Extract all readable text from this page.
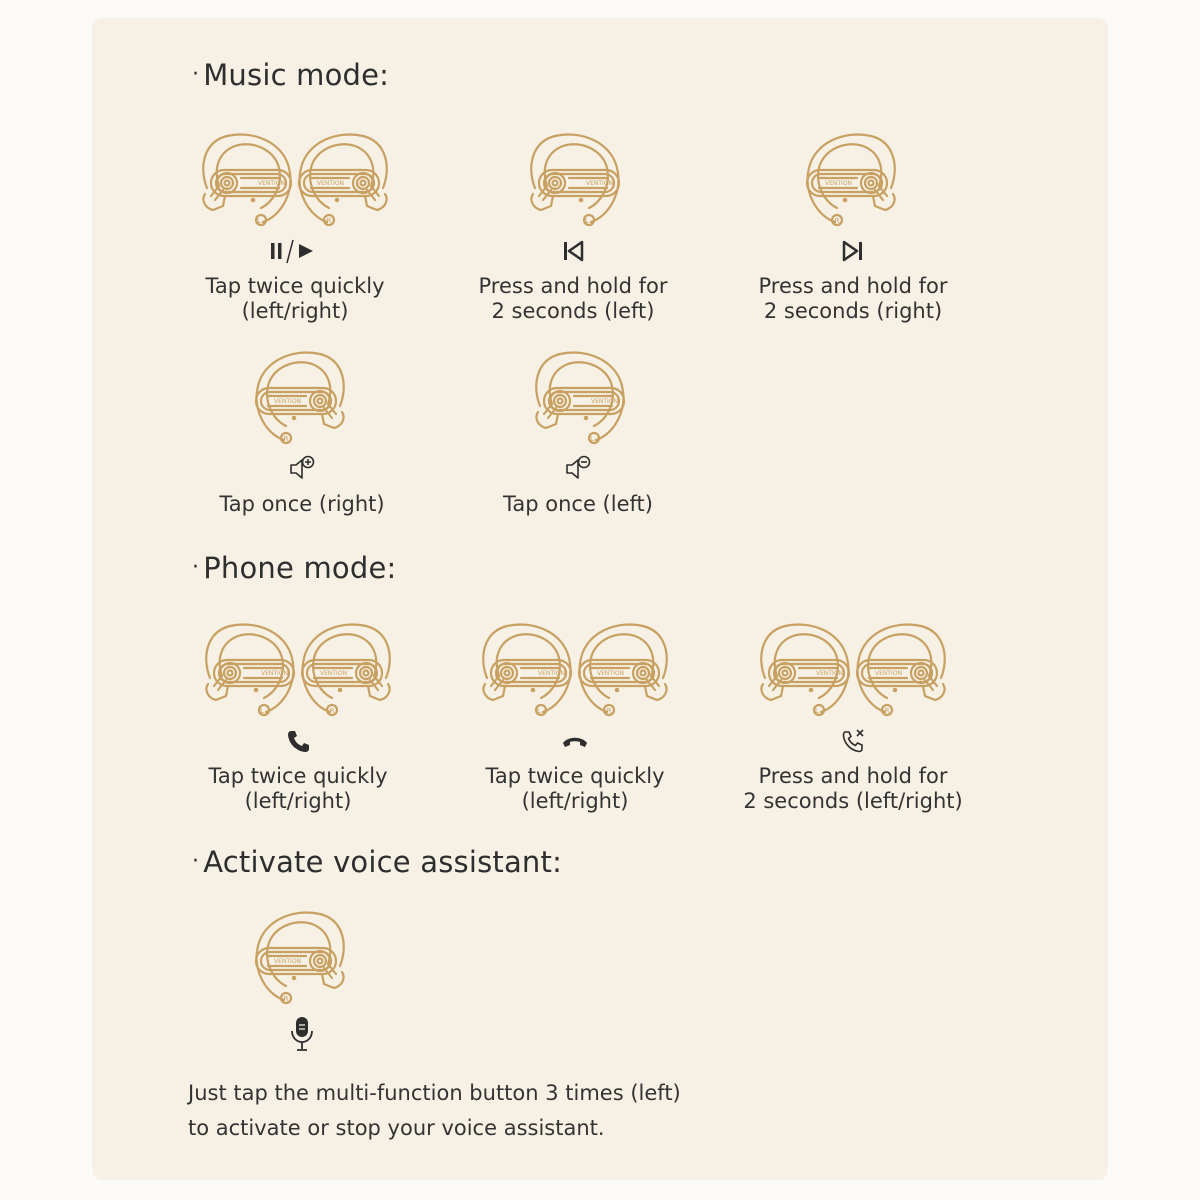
· Music mode:
VENTION	VENTION
L	R
Tap twice quickly
(left/right)
VENTION
L
Press and hold for
2 seconds (left)
VENTION
R
Press and hold for
2 seconds (right)
VENTION
R
Tap once (right)
VENTION
L
Tap once (left)
· Phone mode:
VENTION	VENTION
L	R
Tap twice quickly
(left/right)
VENTION	VENTION
L	R
Tap twice quickly
(left/right)
VENTION	VENTION
L	R
Press and hold for
2 seconds (left/right)
· Activate voice assistant:
VENTION
R
Just tap the multi-function button 3 times (left)
to activate or stop your voice assistant.
